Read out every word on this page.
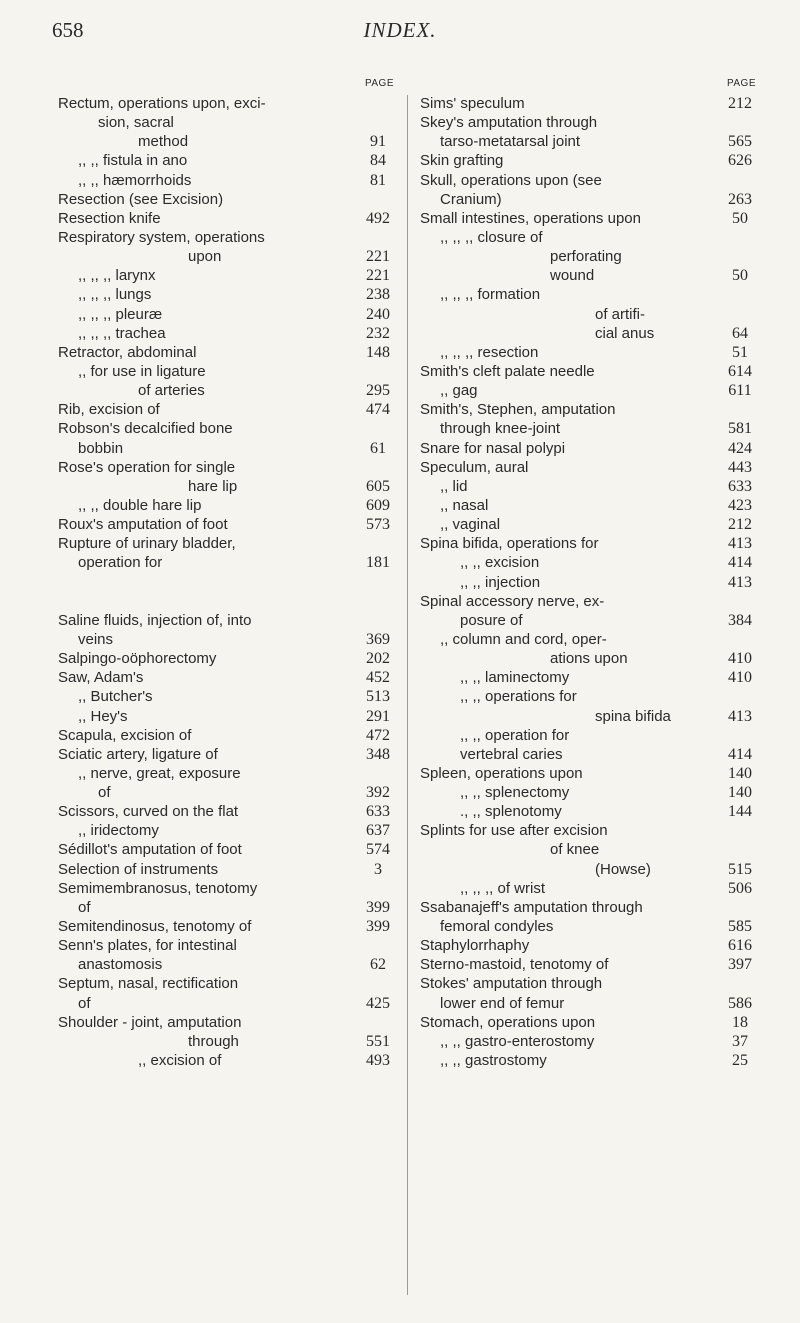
658	INDEX.
PAGE
Rectum, operations upon, exci-
sion, sacral
method	91
,, ,, fistula in ano	84
,, ,, hæmorrhoids	81
Resection (see Excision)
Resection knife	492
Respiratory system, operations
upon	221
,, ,, ,, larynx	221
,, ,, ,, lungs	238
,, ,, ,, pleuræ	240
,, ,, ,, trachea	232
Retractor, abdominal	148
,, for use in ligature
of arteries	295
Rib, excision of	474
Robson's decalcified bone
bobbin	61
Rose's operation for single
hare lip	605
,, ,, double hare lip	609
Roux's amputation of foot	573
Rupture of urinary bladder,
operation for	181
Saline fluids, injection of, into
veins	369
Salpingo-oöphorectomy	202
Saw, Adam's	452
,, Butcher's	513
,, Hey's	291
Scapula, excision of	472
Sciatic artery, ligature of	348
,, nerve, great, exposure
of	392
Scissors, curved on the flat	633
,, iridectomy	637
Sédillot's amputation of foot	574
Selection of instruments	3
Semimembranosus, tenotomy
of	399
Semitendinosus, tenotomy of	399
Senn's plates, for intestinal
anastomosis	62
Septum, nasal, rectification
of	425
Shoulder - joint, amputation
through	551
,, excision of	493
PAGE
Sims' speculum	212
Skey's amputation through
tarso-metatarsal joint	565
Skin grafting	626
Skull, operations upon (see
Cranium)	263
Small intestines, operations upon	50
,, ,, ,, closure of
perforating
wound	50
,, ,, ,, formation
of artifi-
cial anus	64
,, ,, ,, resection	51
Smith's cleft palate needle	614
,, gag	611
Smith's, Stephen, amputation
through knee-joint	581
Snare for nasal polypi	424
Speculum, aural	443
,, lid	633
,, nasal	423
,, vaginal	212
Spina bifida, operations for	413
,, ,, excision	414
,, ,, injection	413
Spinal accessory nerve, ex-
posure of	384
,, column and cord, oper-
ations upon	410
,, ,, laminectomy	410
,, ,, operations for
spina bifida	413
,, ,, operation for
vertebral caries	414
Spleen, operations upon	140
,, ,, splenectomy	140
., ,, splenotomy	144
Splints for use after excision
of knee
(Howse)	515
,, ,, ,, of wrist	506
Ssabanajeff's amputation through
femoral condyles	585
Staphylorrhaphy	616
Sterno-mastoid, tenotomy of	397
Stokes' amputation through
lower end of femur	586
Stomach, operations upon	18
,, ,, gastro-enterostomy	37
,, ,, gastrostomy	25
